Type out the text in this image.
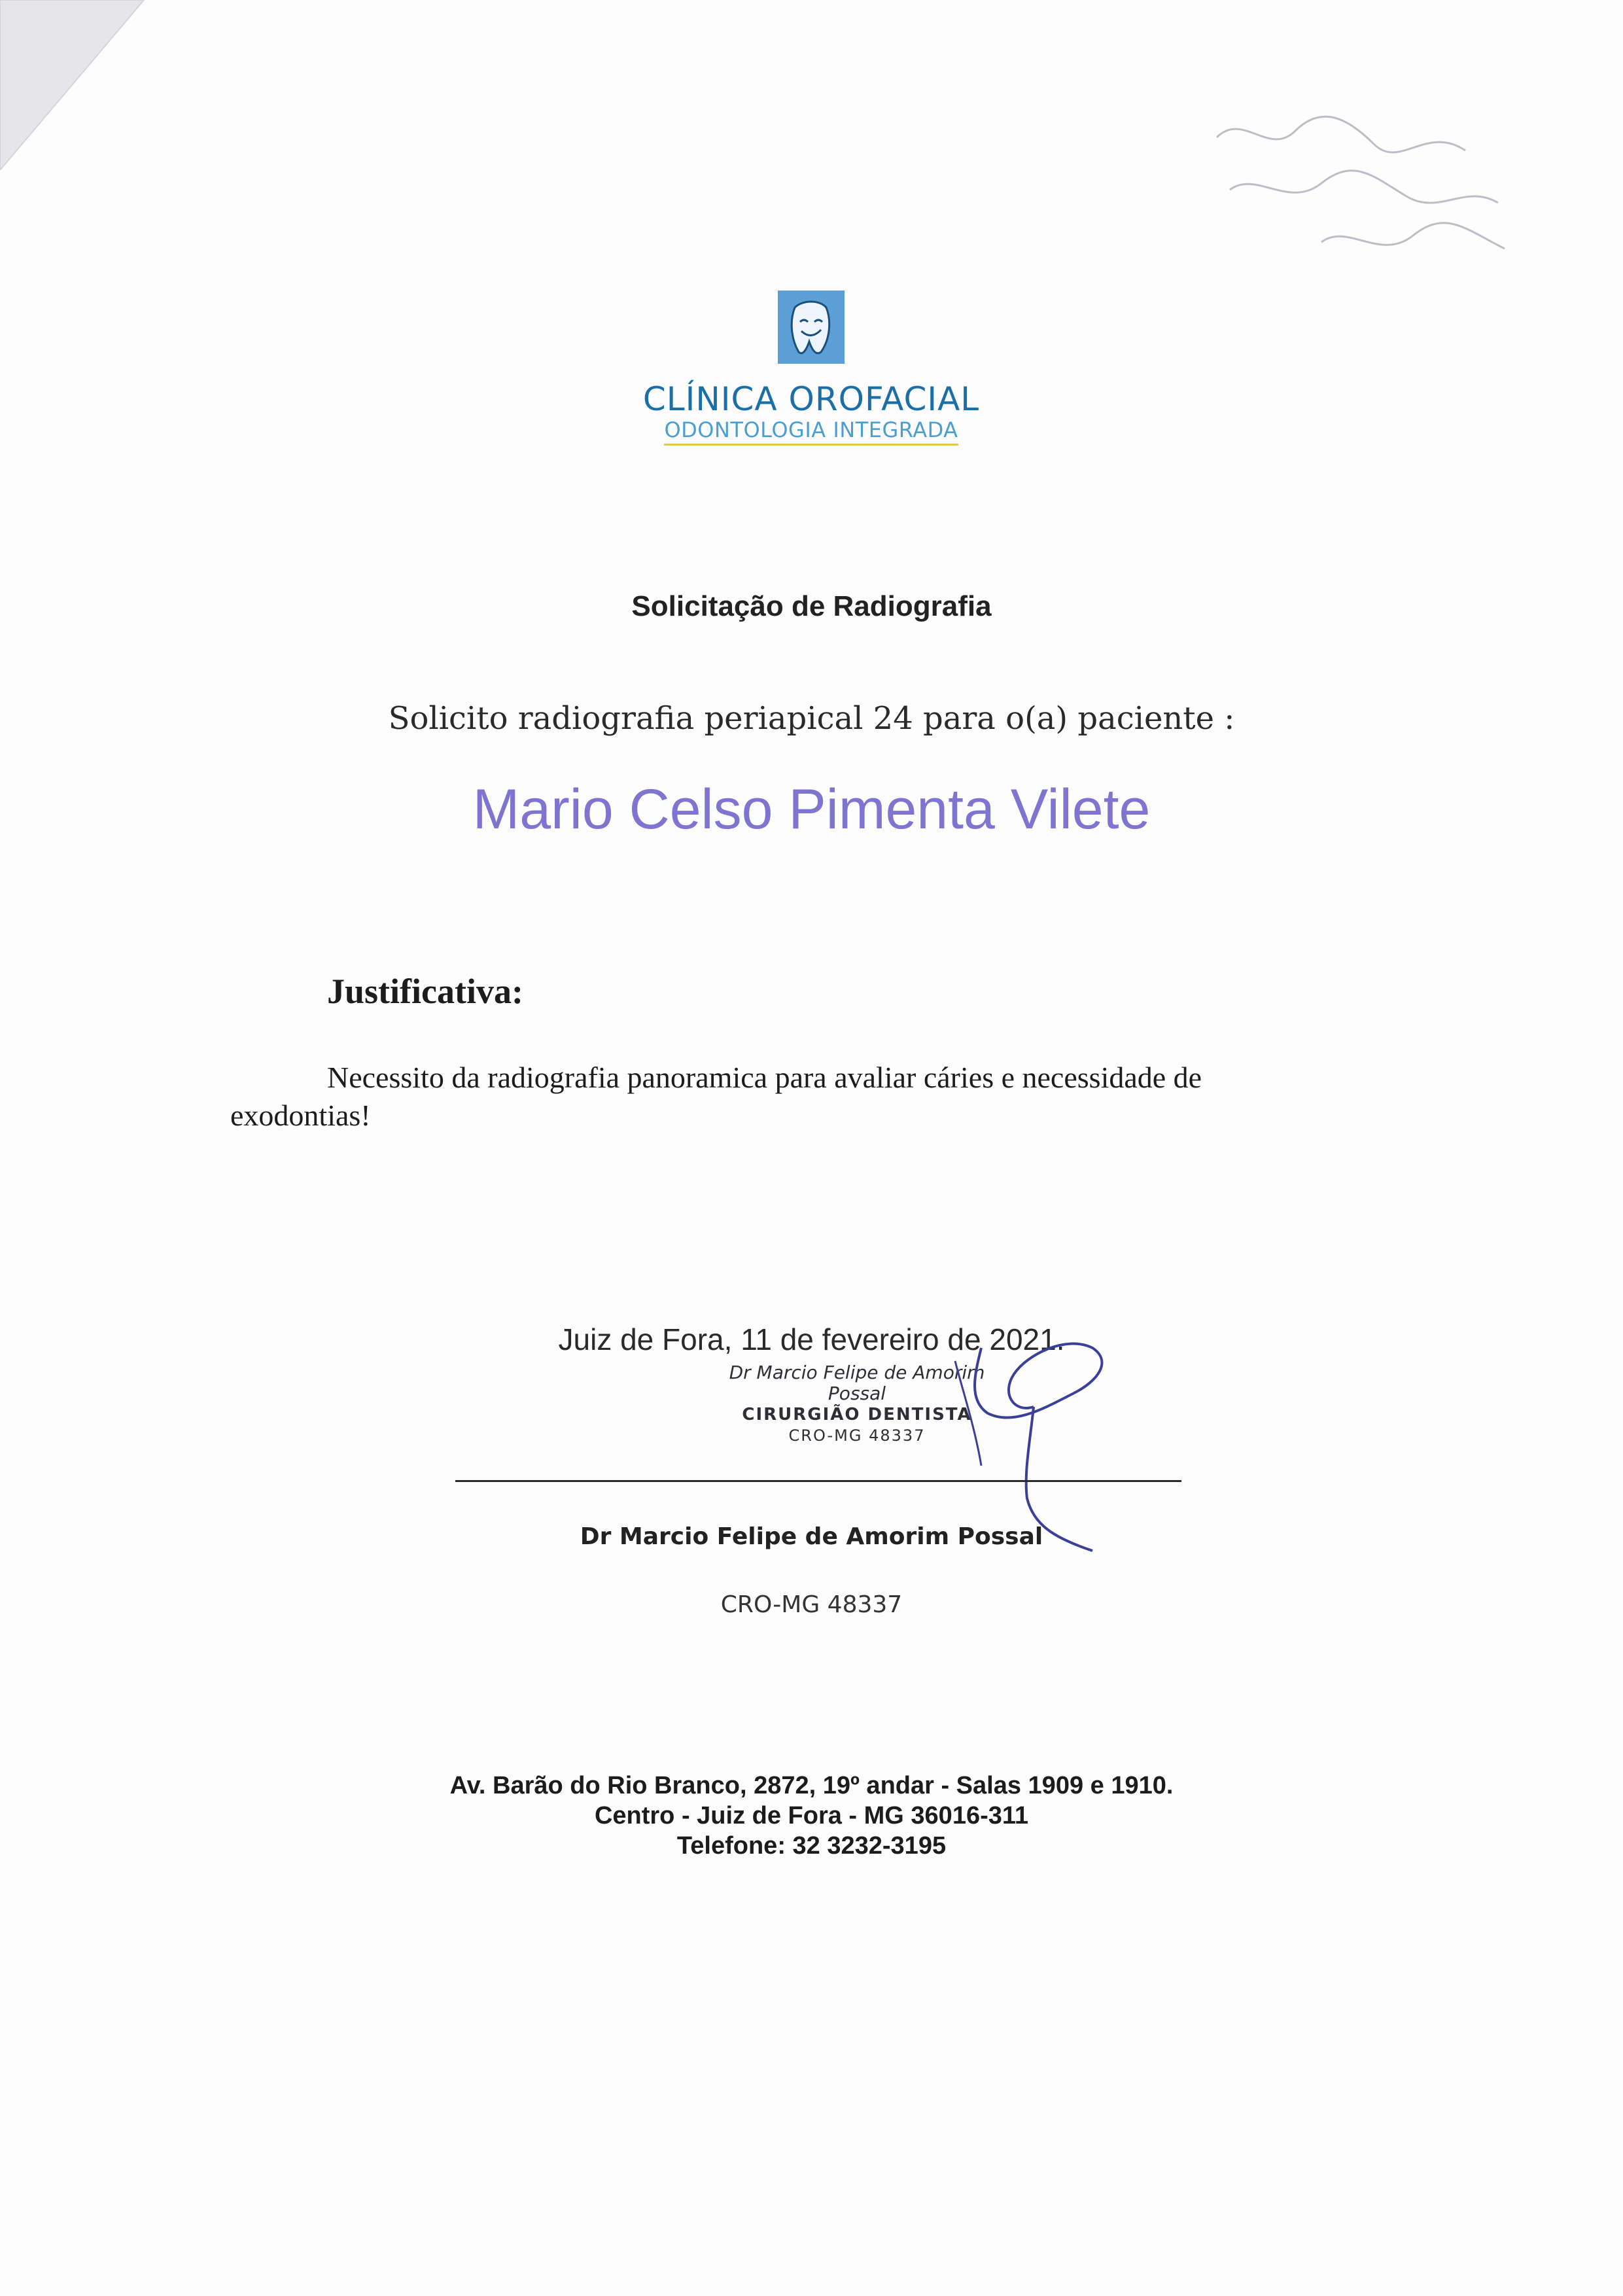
CLÍNICA OROFACIAL
ODONTOLOGIA INTEGRADA
Solicitação de Radiografia
Solicito radiografia periapical 24 para o(a) paciente :
Mario Celso Pimenta Vilete
Justificativa:
Necessito da radiografia panoramica para avaliar cáries e necessidade de exodontias!
Juiz de Fora, 11 de fevereiro de 2021.
Dr Marcio Felipe de Amorim Possal
CIRURGIÃO DENTISTA
CRO-MG 48337
Dr Marcio Felipe de Amorim Possal
CRO-MG 48337
Av. Barão do Rio Branco, 2872, 19º andar - Salas 1909 e 1910.
Centro - Juiz de Fora - MG 36016-311
Telefone: 32 3232-3195
